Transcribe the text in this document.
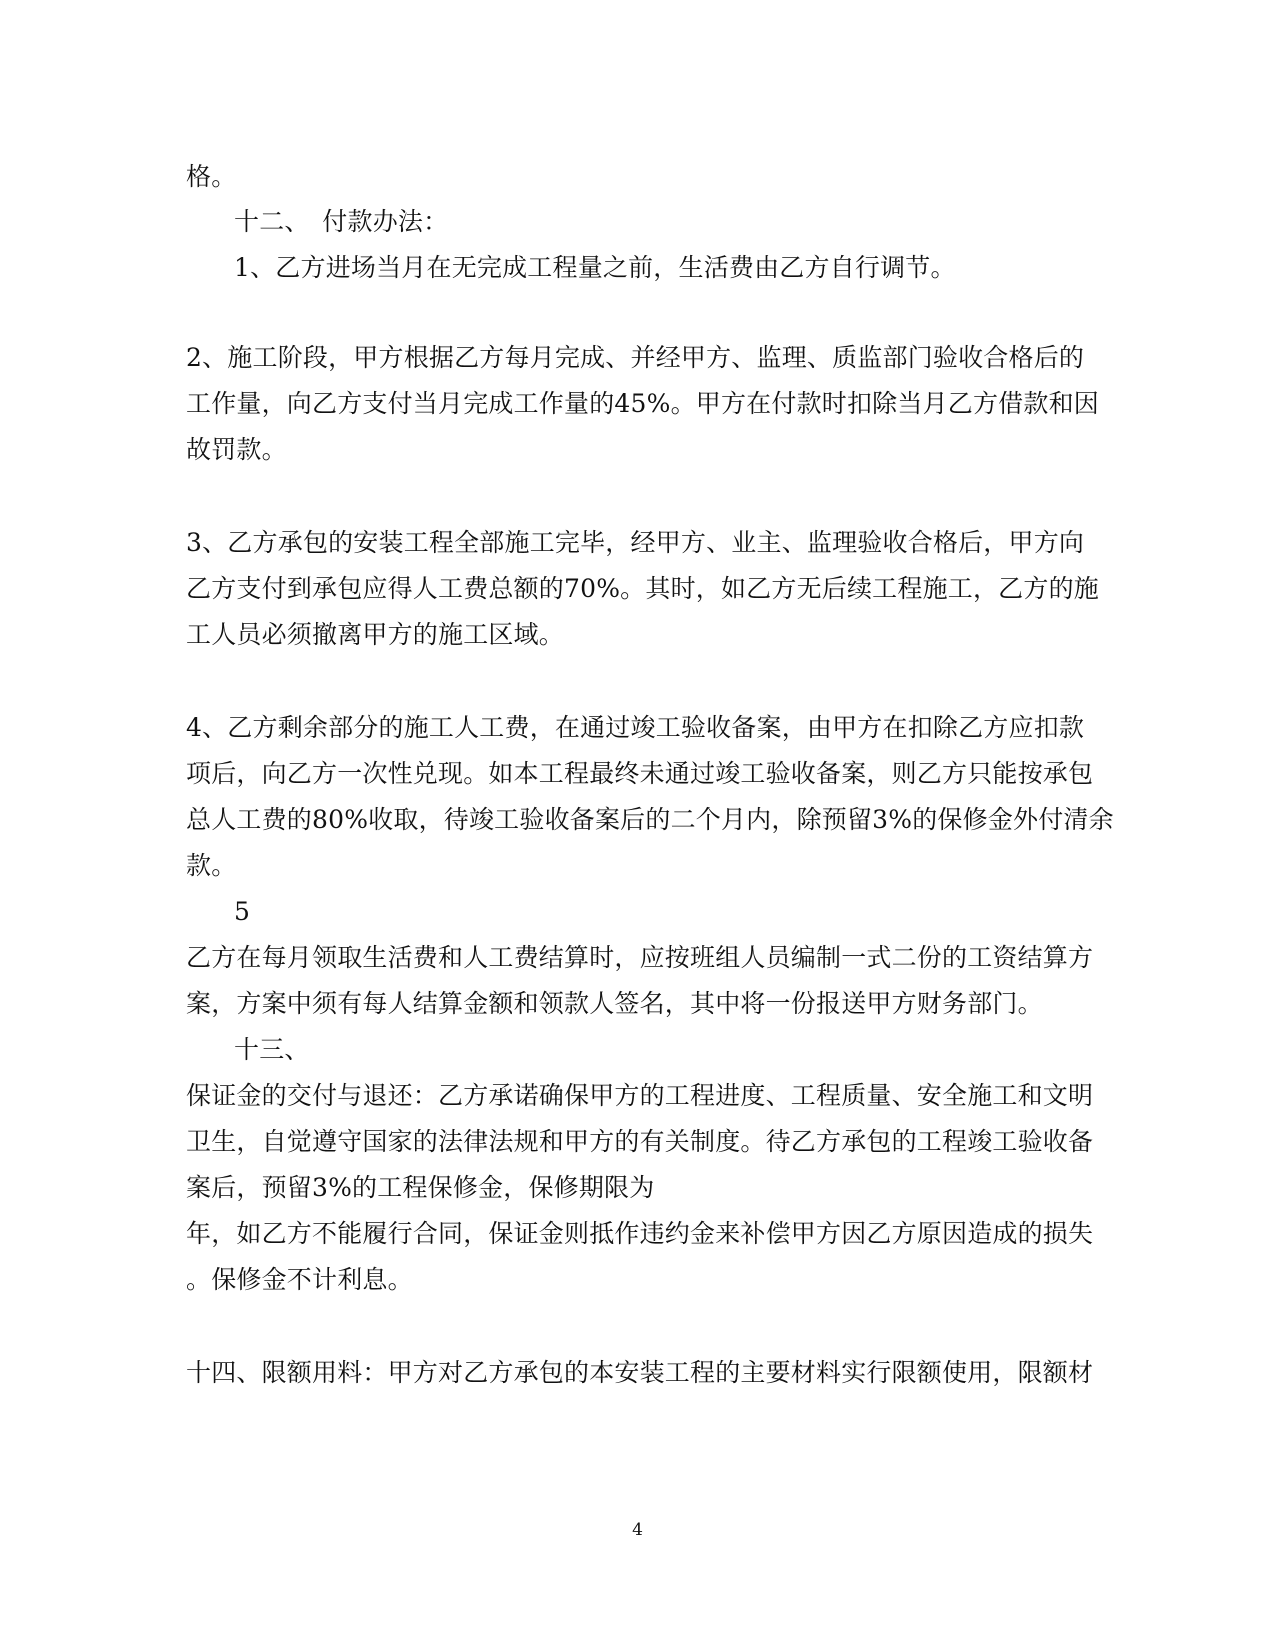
格。
十二、　付款办法：
1、乙方进场当月在无完成工程量之前，生活费由乙方自行调节。
2、施工阶段，甲方根据乙方每月完成、并经甲方、监理、质监部门验收合格后的
工作量，向乙方支付当月完成工作量的45%。甲方在付款时扣除当月乙方借款和因
故罚款。
3、乙方承包的安装工程全部施工完毕，经甲方、业主、监理验收合格后，甲方向
乙方支付到承包应得人工费总额的70%。其时，如乙方无后续工程施工，乙方的施
工人员必须撤离甲方的施工区域。
4、乙方剩余部分的施工人工费，在通过竣工验收备案，由甲方在扣除乙方应扣款
项后，向乙方一次性兑现。如本工程最终未通过竣工验收备案，则乙方只能按承包
总人工费的80%收取，待竣工验收备案后的二个月内，除预留3%的保修金外付清余
款。
5
乙方在每月领取生活费和人工费结算时，应按班组人员编制一式二份的工资结算方
案，方案中须有每人结算金额和领款人签名，其中将一份报送甲方财务部门。
十三、
保证金的交付与退还：乙方承诺确保甲方的工程进度、工程质量、安全施工和文明
卫生，自觉遵守国家的法律法规和甲方的有关制度。待乙方承包的工程竣工验收备
案后，预留3%的工程保修金，保修期限为
年，如乙方不能履行合同，保证金则抵作违约金来补偿甲方因乙方原因造成的损失
。保修金不计利息。
十四、限额用料：甲方对乙方承包的本安装工程的主要材料实行限额使用，限额材
4
